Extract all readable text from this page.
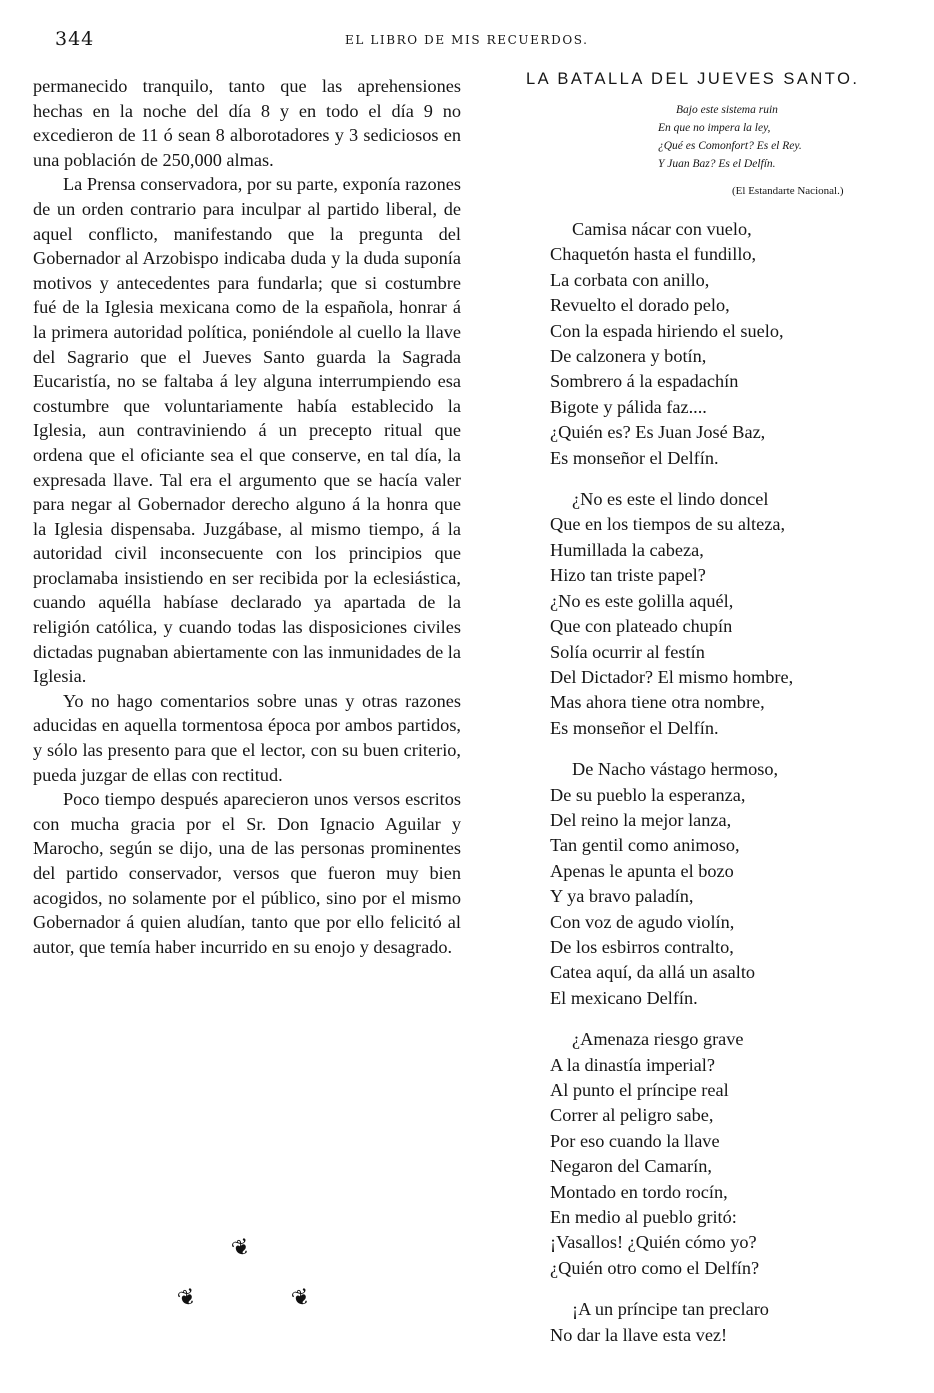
344	EL LIBRO DE MIS RECUERDOS.

permanecido tranquilo, tanto que las aprehensiones hechas en la noche del día 8 y en todo el día 9 no excedieron de 11 ó sean 8 alborotadores y 3 sediciosos en una población de 250,000 almas.

La Prensa conservadora, por su parte, exponía razones de un orden contrario para inculpar al partido liberal, de aquel conflicto, manifestando que la pregunta del Gobernador al Arzobispo indicaba duda y la duda suponía motivos y antecedentes para fundarla; que si costumbre fué de la Iglesia mexicana como de la española, honrar á la primera autoridad política, poniéndole al cuello la llave del Sagrario que el Jueves Santo guarda la Sagrada Eucaristía, no se faltaba á ley alguna interrumpiendo esa costumbre que voluntariamente había establecido la Iglesia, aun contraviniendo á un precepto ritual que ordena que el oficiante sea el que conserve, en tal día, la expresada llave. Tal era el argumento que se hacía valer para negar al Gobernador derecho alguno á la honra que la Iglesia dispensaba. Juzgábase, al mismo tiempo, á la autoridad civil inconsecuente con los principios que proclamaba insistiendo en ser recibida por la eclesiástica, cuando aquélla habíase declarado ya apartada de la religión católica, y cuando todas las disposiciones civiles dictadas pugnaban abiertamente con las inmunidades de la Iglesia.

Yo no hago comentarios sobre unas y otras razones aducidas en aquella tormentosa época por ambos partidos, y sólo las presento para que el lector, con su buen criterio, pueda juzgar de ellas con rectitud.

Poco tiempo después aparecieron unos versos escritos con mucha gracia por el Sr. Don Ignacio Aguilar y Marocho, según se dijo, una de las personas prominentes del partido conservador, versos que fueron muy bien acogidos, no solamente por el público, sino por el mismo Gobernador á quien aludían, tanto que por ello felicitó al autor, que temía haber incurrido en su enojo y desagrado.

❦
❦	❦
LA BATALLA DEL JUEVES SANTO.
Bajo este sistema ruin
En que no impera la ley,
¿Qué es Comonfort? Es el Rey.
Y Juan Baz? Es el Delfín.
(El Estandarte Nacional.)
Camisa nácar con vuelo,
Chaquetón hasta el fundillo,
La corbata con anillo,
Revuelto el dorado pelo,
Con la espada hiriendo el suelo,
De calzonera y botín,
Sombrero á la espadachín
Bigote y pálida faz....
¿Quién es? Es Juan José Baz,
Es monseñor el Delfín.
¿No es este el lindo doncel
Que en los tiempos de su alteza,
Humillada la cabeza,
Hizo tan triste papel?
¿No es este golilla aquél,
Que con plateado chupín
Solía ocurrir al festín
Del Dictador? El mismo hombre,
Mas ahora tiene otra nombre,
Es monseñor el Delfín.
De Nacho vástago hermoso,
De su pueblo la esperanza,
Del reino la mejor lanza,
Tan gentil como animoso,
Apenas le apunta el bozo
Y ya bravo paladín,
Con voz de agudo violín,
De los esbirros contralto,
Catea aquí, da allá un asalto
El mexicano Delfín.
¿Amenaza riesgo grave
A la dinastía imperial?
Al punto el príncipe real
Correr al peligro sabe,
Por eso cuando la llave
Negaron del Camarín,
Montado en tordo rocín,
En medio al pueblo gritó:
¡Vasallos! ¿Quién cómo yo?
¿Quién otro como el Delfín?
¡A un príncipe tan preclaro
No dar la llave esta vez!
